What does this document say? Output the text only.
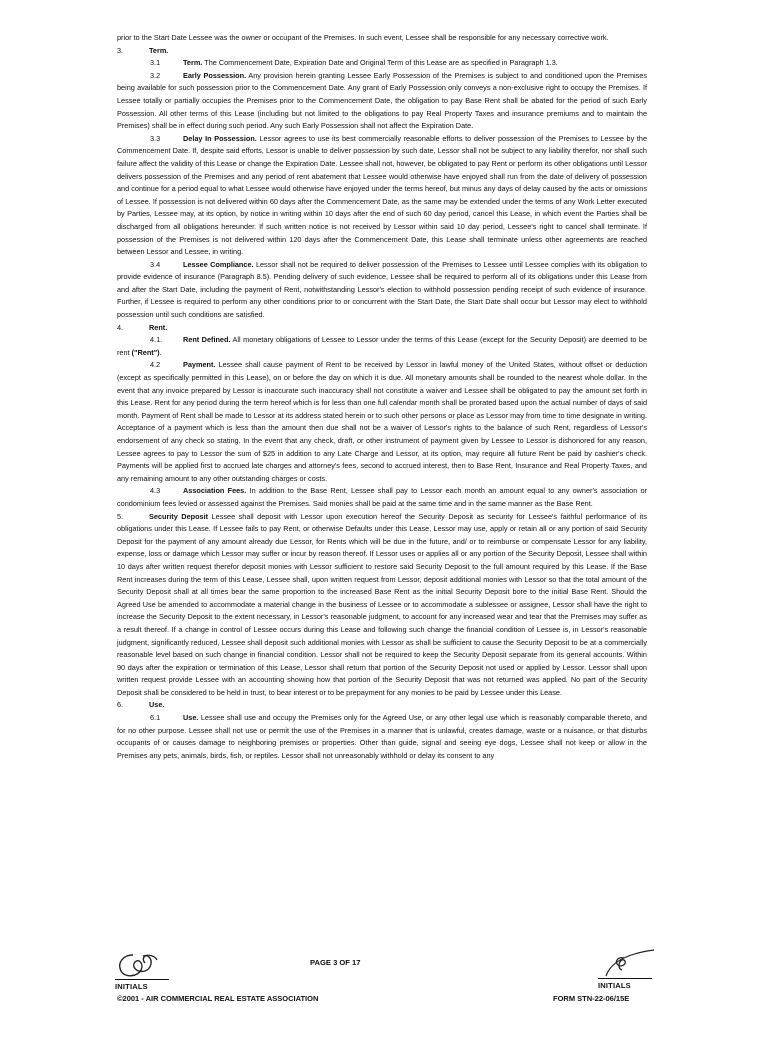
prior to the Start Date Lessee was the owner or occupant of the Premises. In such event, Lessee shall be responsible for any necessary corrective work.

3.	Term.

3.1	Term. The Commencement Date, Expiration Date and Original Term of this Lease are as specified in Paragraph 1.3.

3.2	Early Possession. Any provision herein granting Lessee Early Possession of the Premises is subject to and conditioned upon the Premises being available for such possession prior to the Commencement Date. Any grant of Early Possession only conveys a non-exclusive right to occupy the Premises. If Lessee totally or partially occupies the Premises prior to the Commencement Date, the obligation to pay Base Rent shall be abated for the period of such Early Possession. All other terms of this Lease (including but not limited to the obligations to pay Real Property Taxes and insurance premiums and to maintain the Premises) shall be in effect during such period. Any such Early Possession shall not affect the Expiration Date.

3.3	Delay In Possession. Lessor agrees to use its best commercially reasonable efforts to deliver possession of the Premises to Lessee by the Commencement Date. If, despite said efforts, Lessor is unable to deliver possession by such date, Lessor shall not be subject to any liability therefor, nor shall such failure affect the validity of this Lease or change the Expiration Date. Lessee shall not, however, be obligated to pay Rent or perform its other obligations until Lessor delivers possession of the Premises and any period of rent abatement that Lessee would otherwise have enjoyed shall run from the date of delivery of possession and continue for a period equal to what Lessee would otherwise have enjoyed under the terms hereof, but minus any days of delay caused by the acts or omissions of Lessee. If possession is not delivered within 60 days after the Commencement Date, as the same may be extended under the terms of any Work Letter executed by Parties, Lessee may, at its option, by notice in writing within 10 days after the end of such 60 day period, cancel this Lease, in which event the Parties shall be discharged from all obligations hereunder. If such written notice is not received by Lessor within said 10 day period, Lessee's right to cancel shall terminate. If possession of the Premises is not delivered within 120 days after the Commencement Date, this Lease shall terminate unless other agreements are reached between Lessor and Lessee, in writing.

3.4	Lessee Compliance. Lessor shall not be required to deliver possession of the Premises to Lessee until Lessee complies with its obligation to provide evidence of insurance (Paragraph 8.5). Pending delivery of such evidence, Lessee shall be required to perform all of its obligations under this Lease from and after the Start Date, including the payment of Rent, notwithstanding Lessor's election to withhold possession pending receipt of such evidence of insurance. Further, if Lessee is required to perform any other conditions prior to or concurrent with the Start Date, the Start Date shall occur but Lessor may elect to withhold possession until such conditions are satisfied.

4.	Rent.

4.1.	Rent Defined. All monetary obligations of Lessee to Lessor under the terms of this Lease (except for the Security Deposit) are deemed to be rent ("Rent").

4.2	Payment. Lessee shall cause payment of Rent to be received by Lessor in lawful money of the United States, without offset or deduction (except as specifically permitted in this Lease), on or before the day on which it is due. All monetary amounts shall be rounded to the nearest whole dollar. In the event that any invoice prepared by Lessor is inaccurate such inaccuracy shall not constitute a waiver and Lessee shall be obligated to pay the amount set forth in this Lease. Rent for any period during the term hereof which is for less than one full calendar month shall be prorated based upon the actual number of days of said month. Payment of Rent shall be made to Lessor at its address stated herein or to such other persons or place as Lessor may from time to time designate in writing. Acceptance of a payment which is less than the amount then due shall not be a waiver of Lessor's rights to the balance of such Rent, regardless of Lessor's endorsement of any check so stating. In the event that any check, draft, or other instrument of payment given by Lessee to Lessor is dishonored for any reason, Lessee agrees to pay to Lessor the sum of $25 in addition to any Late Charge and Lessor, at its option, may require all future Rent be paid by cashier's check. Payments will be applied first to accrued late charges and attorney's fees, second to accrued interest, then to Base Rent, Insurance and Real Property Taxes, and any remaining amount to any other outstanding charges or costs.

4.3	Association Fees. In addition to the Base Rent, Lessee shall pay to Lessor each month an amount equal to any owner's association or condominium fees levied or assessed against the Premises. Said monies shall be paid at the same time and in the same manner as the Base Rent.

5.	Security Deposit Lessee shall deposit with Lessor upon execution hereof the Security Deposit as security for Lessee's faithful performance of its obligations under this Lease. If Lessee fails to pay Rent, or otherwise Defaults under this Lease, Lessor may use, apply or retain all or any portion of said Security Deposit for the payment of any amount already due Lessor, for Rents which will be due in the future, and/ or to reimburse or compensate Lessor for any liability, expense, loss or damage which Lessor may suffer or incur by reason thereof. If Lessor uses or applies all or any portion of the Security Deposit, Lessee shall within 10 days after written request therefor deposit monies with Lessor sufficient to restore said Security Deposit to the full amount required by this Lease. If the Base Rent increases during the term of this Lease, Lessee shall, upon written request from Lessor, deposit additional monies with Lessor so that the total amount of the Security Deposit shall at all times bear the same proportion to the increased Base Rent as the initial Security Deposit bore to the initial Base Rent. Should the Agreed Use be amended to accommodate a material change in the business of Lessee or to accommodate a sublessee or assignee, Lessor shall have the right to increase the Security Deposit to the extent necessary, in Lessor's reasonable judgment, to account for any increased wear and tear that the Premises may suffer as a result thereof. If a change in control of Lessee occurs during this Lease and following such change the financial condition of Lessee is, in Lessor's reasonable judgment, significantly reduced, Lessee shall deposit such additional monies with Lessor as shall be sufficient to cause the Security Deposit to be at a commercially reasonable level based on such change in financial condition. Lessor shall not be required to keep the Security Deposit separate from its general accounts. Within 90 days after the expiration or termination of this Lease, Lessor shall return that portion of the Security Deposit not used or applied by Lessor. Lessor shall upon written request provide Lessee with an accounting showing how that portion of the Security Deposit that was not returned was applied. No part of the Security Deposit shall be considered to be held in trust, to bear interest or to be prepayment for any monies to be paid by Lessee under this Lease.

6.	Use.

6.1	Use. Lessee shall use and occupy the Premises only for the Agreed Use, or any other legal use which is reasonably comparable thereto, and for no other purpose. Lessee shall not use or permit the use of the Premises in a manner that is unlawful, creates damage, waste or a nuisance, or that disturbs occupants of or causes damage to neighboring premises or properties. Other than guide, signal and seeing eye dogs, Lessee shall not keep or allow in the Premises any pets, animals, birds, fish, or reptiles. Lessor shall not unreasonably withhold or delay its consent to any

INITIALS
PAGE 3 OF 17
INITIALS
©2001 - AIR COMMERCIAL REAL ESTATE ASSOCIATION	FORM STN-22-06/15E
